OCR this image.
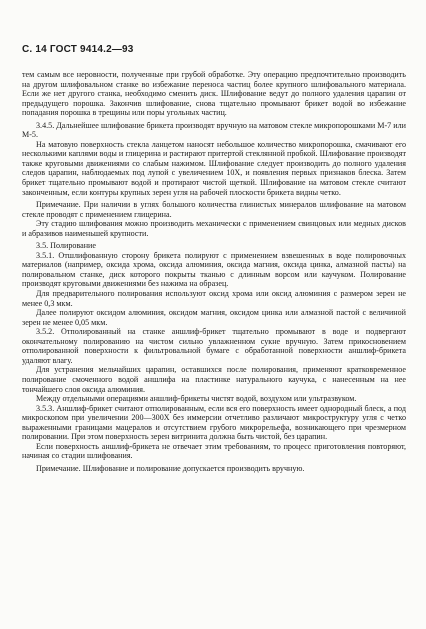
С. 14 ГОСТ 9414.2—93

тем самым все неровности, полученные при грубой обработке. Эту операцию предпочтительно производить на другом шлифовальном станке во избежание переноса частиц более крупного шлифовального материала. Если же нет другого станка, необходимо сменить диск. Шлифование ведут до полного удаления царапин от предыдущего порошка. Закончив шлифование, снова тщательно промывают брикет водой во избежание попадания порошка в трещины или поры угольных частиц.

3.4.5. Дальнейшее шлифование брикета производят вручную на матовом стекле микропорошками М-7 или М-5.

На матовую поверхность стекла ланцетом наносят небольшое количество микропорошка, смачивают его несколькими каплями воды и глицерина и растирают притертой стеклянной пробкой. Шлифование производят также круговыми движениями со слабым нажимом. Шлифование следует производить до полного удаления следов царапин, наблюдаемых под лупой с увеличением 10Х, и появления первых признаков блеска. Затем брикет тщательно промывают водой и протирают чистой щеткой. Шлифование на матовом стекле считают законченным, если контуры крупных зерен угля на рабочей плоскости брикета видны четко.

Примечание. При наличии в углях большого количества глинистых минералов шлифование на матовом стекле проводят с применением глицерина.

Эту стадию шлифования можно производить механически с применением свинцовых или медных дисков и абразивов наименьшей крупности.

3.5. Полирование

3.5.1. Отшлифованную сторону брикета полируют с применением взвешенных в воде полировочных материалов (например, оксида хрома, оксида алюминия, оксида магния, оксида цинка, алмазной пасты) на полировальном станке, диск которого покрыты тканью с длинным ворсом или каучуком. Полирование производят круговыми движениями без нажима на образец.

Для предварительного полирования используют оксид хрома или оксид алюминия с размером зерен не менее 0,3 мкм.

Далее полируют оксидом алюминия, оксидом магния, оксидом цинка или алмазной пастой с величиной зерен не менее 0,05 мкм.

3.5.2. Отполированный на станке аншлиф-брикет тщательно промывают в воде и подвергают окончательному полированию на чистом сильно увлажненном сукне вручную. Затем прикосновением отполированной поверхности к фильтровальной бумаге с обработанной поверхности аншлиф-брикета удаляют влагу.

Для устранения мельчайших царапин, оставшихся после полирования, применяют кратковременное полирование смоченного водой аншлифа на пластинке натурального каучука, с нанесенным на нее тончайшего слоя оксида алюминия.

Между отдельными операциями аншлиф-брикеты чистят водой, воздухом или ультразвуком.

3.5.3. Аншлиф-брикет считают отполированным, если вся его поверхность имеет однородный блеск, а под микроскопом при увеличении 200—300Х без иммерсии отчетливо различают микроструктуру угля с четко выраженными границами мацералов и отсутствием грубого микрорельефа, возникающего при чрезмерном полировании. При этом поверхность зерен витринита должна быть чистой, без царапин.

Если поверхность аншлиф-брикета не отвечает этим требованиям, то процесс приготовления повторяют, начиная со стадии шлифования.

Примечание. Шлифование и полирование допускается производить вручную.
